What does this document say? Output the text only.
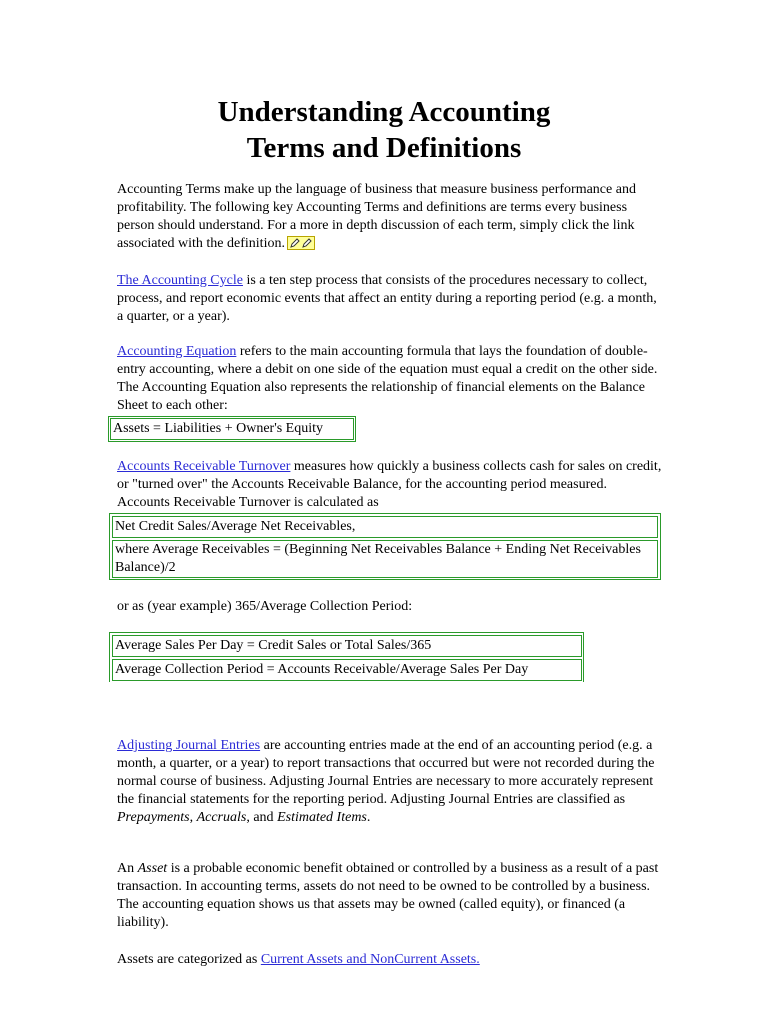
Understanding Accounting
Terms and Definitions

Accounting Terms make up the language of business that measure business performance and profitability. The following key Accounting Terms and definitions are terms every business person should understand. For a more in depth discussion of each term, simply click the link associated with the definition.

The Accounting Cycle is a ten step process that consists of the procedures necessary to collect, process, and report economic events that affect an entity during a reporting period (e.g. a month, a quarter, or a year).

Accounting Equation refers to the main accounting formula that lays the foundation of double-entry accounting, where a debit on one side of the equation must equal a credit on the other side. The Accounting Equation also represents the relationship of financial elements on the Balance Sheet to each other:

Assets = Liabilities + Owner's Equity

Accounts Receivable Turnover measures how quickly a business collects cash for sales on credit, or "turned over" the Accounts Receivable Balance, for the accounting period measured. Accounts Receivable Turnover is calculated as

Net Credit Sales/Average Net Receivables,
where Average Receivables = (Beginning Net Receivables Balance + Ending Net Receivables Balance)/2
or as (year example) 365/Average Collection Period:
Average Sales Per Day = Credit Sales or Total Sales/365
Average Collection Period = Accounts Receivable/Average Sales Per Day

Adjusting Journal Entries are accounting entries made at the end of an accounting period (e.g. a month, a quarter, or a year) to report transactions that occurred but were not recorded during the normal course of business. Adjusting Journal Entries are necessary to more accurately represent the financial statements for the reporting period. Adjusting Journal Entries are classified as Prepayments, Accruals, and Estimated Items.

An Asset is a probable economic benefit obtained or controlled by a business as a result of a past transaction. In accounting terms, assets do not need to be owned to be controlled by a business. The accounting equation shows us that assets may be owned (called equity), or financed (a liability).

Assets are categorized as Current Assets and NonCurrent Assets.
